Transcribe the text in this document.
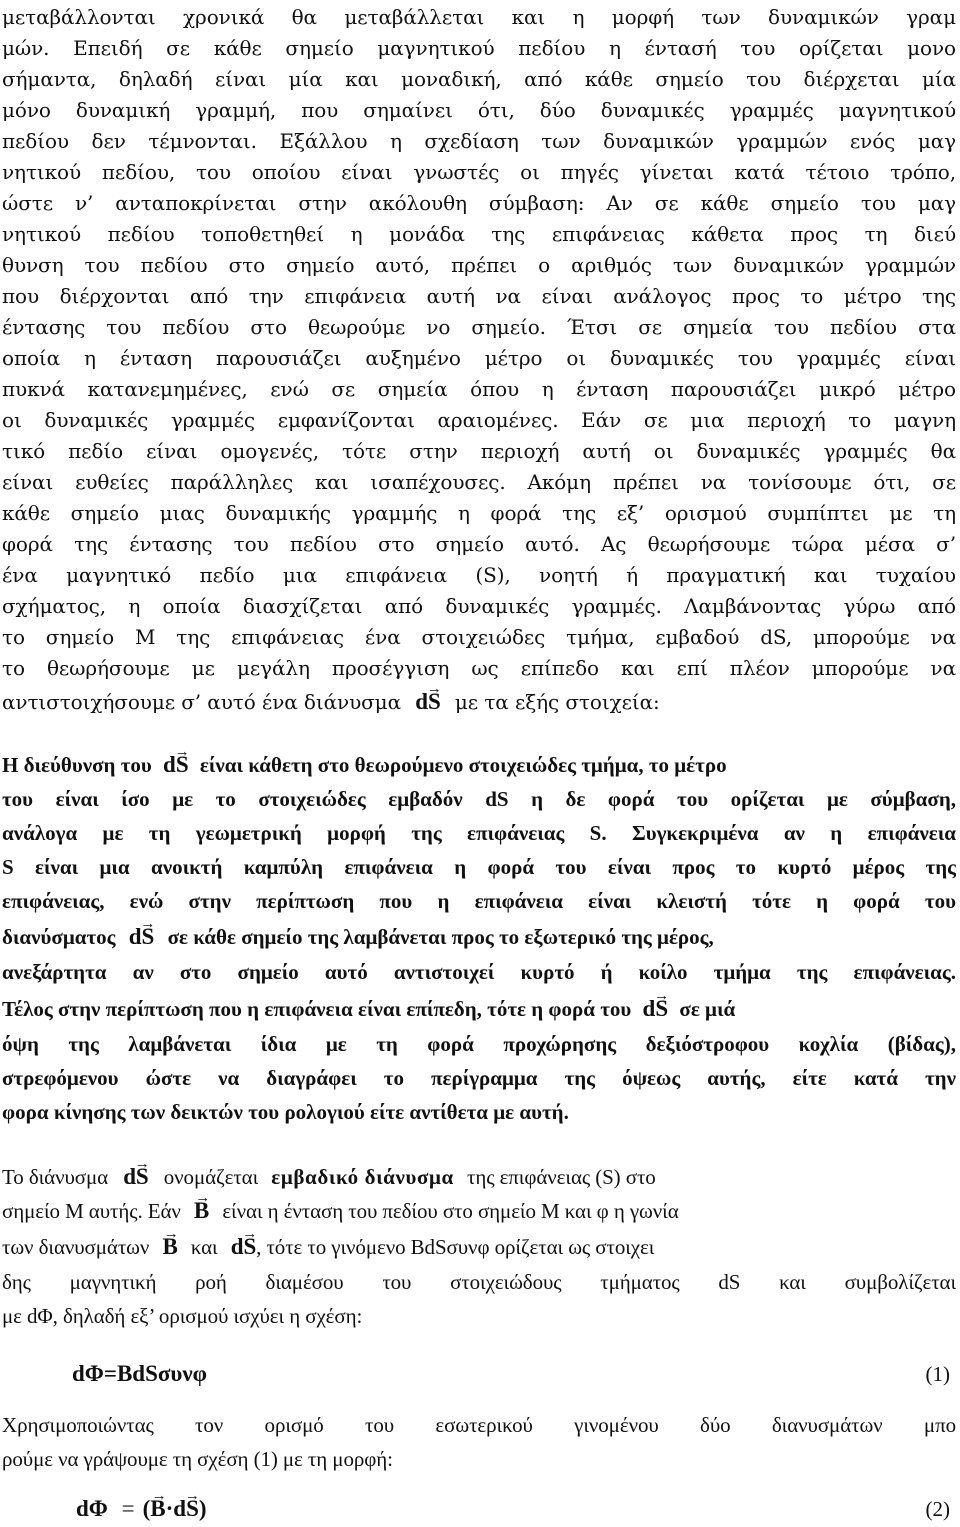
μεταβάλλονται χρονικά θα μεταβάλλεται και η μορφή των δυναμικών γραμ
μών. Επειδή σε κάθε σημείο μαγνητικού πεδίου η έντασή του ορίζεται μονο
σήμαντα, δηλαδή είναι μία και μοναδική, από κάθε σημείο του διέρχεται μία
μόνο δυναμική γραμμή, που σημαίνει ότι, δύο δυναμικές γραμμές μαγνητικού
πεδίου δεν τέμνονται. Εξάλλου η σχεδίαση των δυναμικών γραμμών ενός μαγ
νητικού πεδίου, του οποίου είναι γνωστές οι πηγές γίνεται κατά τέτοιο τρόπο,
ώστε ν’ ανταποκρίνεται στην ακόλουθη σύμβαση: Αν σε κάθε σημείο του μαγ
νητικού πεδίου τοποθετηθεί η μονάδα της επιφάνειας κάθετα προς τη διεύ
θυνση του πεδίου στο σημείο αυτό, πρέπει ο αριθμός των δυναμικών γραμμών
που διέρχονται από την επιφάνεια αυτή να είναι ανάλογος προς το μέτρο της
έντασης του πεδίου στο θεωρούμε νο σημείο. Έτσι σε σημεία του πεδίου στα
οποία η ένταση παρουσιάζει αυξημένο μέτρο οι δυναμικές του γραμμές είναι
πυκνά κατανεμημένες, ενώ σε σημεία όπου η ένταση παρουσιάζει μικρό μέτρο
οι δυναμικές γραμμές εμφανίζονται αραιομένες. Εάν σε μια περιοχή το μαγνη
τικό πεδίο είναι ομογενές, τότε στην περιοχή αυτή οι δυναμικές γραμμές θα
είναι ευθείες παράλληλες και ισαπέχουσες. Ακόμη πρέπει να τονίσουμε ότι, σε
κάθε σημείο μιας δυναμικής γραμμής η φορά της εξ’ ορισμού συμπίπτει με τη
φορά της έντασης του πεδίου στο σημείο αυτό. Ας θεωρήσουμε τώρα μέσα σ’
ένα μαγνητικό πεδίο μια επιφάνεια (S), νοητή ή πραγματική και τυχαίου
σχήματος, η οποία διασχίζεται από δυναμικές γραμμές. Λαμβάνοντας γύρω από
το σημείο Μ της επιφάνειας ένα στοιχειώδες τμήμα, εμβαδού dS, μπορούμε να
το θεωρήσουμε με μεγάλη προσέγγιση ως επίπεδο και επί πλέον μπορούμε να
αντιστοιχήσουμε σ’ αυτό ένα διάνυσμα → dS με τα εξής στοιχεία:
Η διεύθυνση του → dS είναι κάθετη στο θεωρούμενο στοιχειώδες τμήμα, το μέτρο
του είναι ίσο με το στοιχειώδες εμβαδόν dS η δε φορά του ορίζεται με σύμβαση,
ανάλογα με τη γεωμετρική μορφή της επιφάνειας S. Συγκεκριμένα αν η επιφάνεια
S είναι μια ανοικτή καμπύλη επιφάνεια η φορά του είναι προς το κυρτό μέρος της
επιφάνειας, ενώ στην περίπτωση που η επιφάνεια είναι κλειστή τότε η φορά του
διανύσματος → dS σε κάθε σημείο της λαμβάνεται προς το εξωτερικό της μέρος,
ανεξάρτητα αν στο σημείο αυτό αντιστοιχεί κυρτό ή κοίλο τμήμα της επιφάνειας.
Τέλος στην περίπτωση που η επιφάνεια είναι επίπεδη, τότε η φορά του → dS σε μιά
όψη της λαμβάνεται ίδια με τη φορά προχώρησης δεξιόστροφου κοχλία (βίδας),
στρεφόμενου ώστε να διαγράφει το περίγραμμα της όψεως αυτής, είτε κατά την
φορα κίνησης των δεικτών του ρολογιού είτε αντίθετα με αυτή.
Το διάνυσμα → dS ονομάζεται εμβαδικό διάνυσμα της επιφάνειας (S) στο
σημείο Μ αυτής. Εάν → B είναι η ένταση του πεδίου στο σημείο Μ και φ η γωνία
των διανυσμάτων → B και → dS, τότε το γινόμενο BdSσυνφ ορίζεται ως στοιχει
δης μαγνητική ροή διαμέσου του στοιχειώδους τμήματος dS και συμβολίζεται
με dΦ, δηλαδή εξ’ ορισμού ισχύει η σχέση:
dΦ=BdSσυνφ	(1)
Χρησιμοποιώντας τον ορισμό του εσωτερικού γινομένου δύο διανυσμάτων μπο
ρούμε να γράψουμε τη σχέση (1) με τη μορφή:
dΦ = (→ B·→ dS)	(2)
